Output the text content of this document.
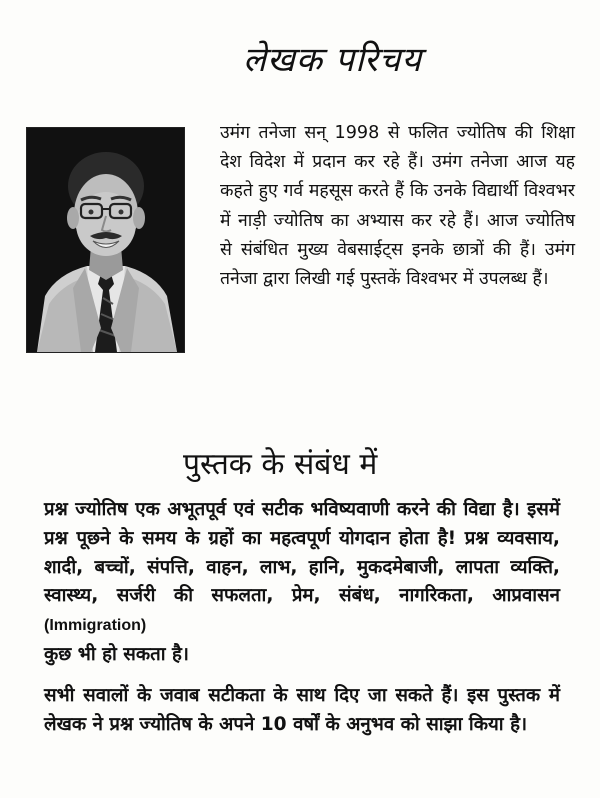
लेखक परिचय
उमंग तनेजा सन् 1998 से फलित ज्योतिष की शिक्षा देश विदेश में प्रदान कर रहे हैं। उमंग तनेजा आज यह कहते हुए गर्व महसूस करते हैं कि उनके विद्यार्थी विश्वभर में नाड़ी ज्योतिष का अभ्यास कर रहे हैं। आज ज्योतिष से संबंधित मुख्य वेबसाईट्स इनके छात्रों की हैं। उमंग तनेजा द्वारा लिखी गई पुस्तकें विश्वभर में उपलब्ध हैं।
पुस्तक के संबंध में
प्रश्न ज्योतिष एक अभूतपूर्व एवं सटीक भविष्यवाणी करने की विद्या है। इसमें प्रश्न पूछने के समय के ग्रहों का महत्वपूर्ण योगदान होता है! प्रश्न व्यवसाय, शादी, बच्चों, संपत्ति, वाहन, लाभ, हानि, मुकदमेबाजी, लापता व्यक्ति, स्वास्थ्य, सर्जरी की सफलता, प्रेम, संबंध, नागरिकता, आप्रवासन (Immigration)
कुछ भी हो सकता है।
सभी सवालों के जवाब सटीकता के साथ दिए जा सकते हैं। इस पुस्तक में लेखक ने प्रश्न ज्योतिष के अपने 10 वर्षों के अनुभव को साझा किया है।
